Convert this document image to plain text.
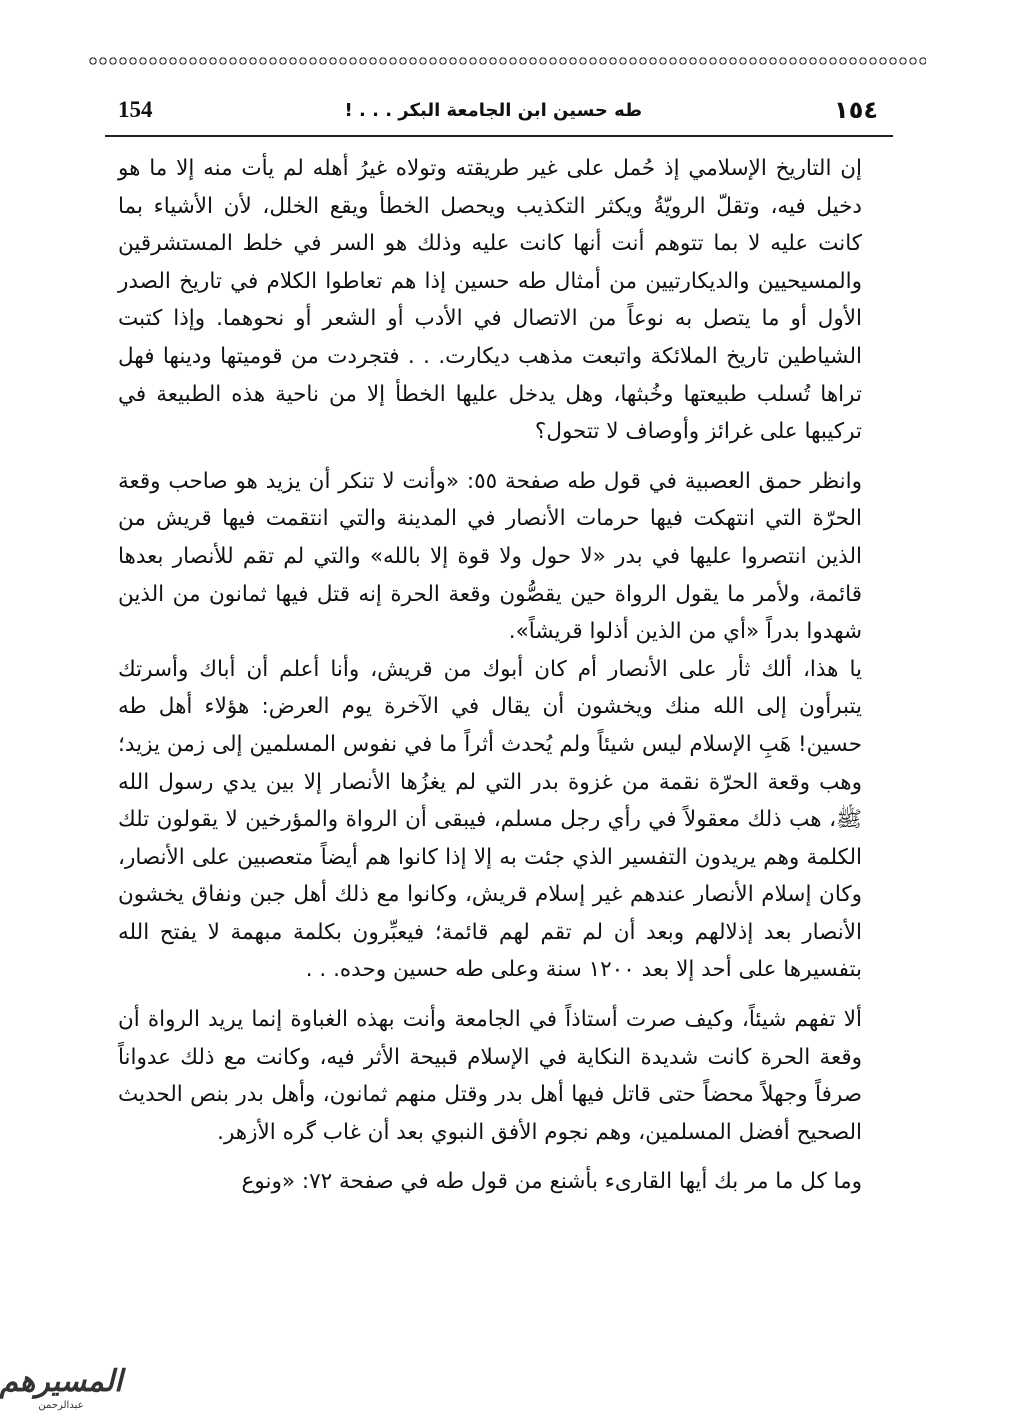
154	طه حسين ابن الجامعة البكر . . . !	١٥٤

إن التاريخ الإسلامي إذ حُمل على غير طريقته وتولاه غيرُ أهله لم يأت منه إلا ما هو دخيل فيه، وتقلّ الرويّةُ ويكثر التكذيب ويحصل الخطأ ويقع الخلل، لأن الأشياء بما كانت عليه لا بما تتوهم أنت أنها كانت عليه وذلك هو السر في خلط المستشرقين والمسيحيين والديكارتيين من أمثال طه حسين إذا هم تعاطوا الكلام في تاريخ الصدر الأول أو ما يتصل به نوعاً من الاتصال في الأدب أو الشعر أو نحوهما. وإذا كتبت الشياطين تاريخ الملائكة واتبعت مذهب ديكارت. . . فتجردت من قوميتها ودينها فهل تراها تُسلب طبيعتها وخُبثها، وهل يدخل عليها الخطأ إلا من ناحية هذه الطبيعة في تركيبها على غرائز وأوصاف لا تتحول؟

وانظر حمق العصبية في قول طه صفحة ٥٥: «وأنت لا تنكر أن يزيد هو صاحب وقعة الحرّة التي انتهكت فيها حرمات الأنصار في المدينة والتي انتقمت فيها قريش من الذين انتصروا عليها في بدر «لا حول ولا قوة إلا بالله» والتي لم تقم للأنصار بعدها قائمة، ولأمر ما يقول الرواة حين يقصُّون وقعة الحرة إنه قتل فيها ثمانون من الذين شهدوا بدراً «أي من الذين أذلوا قريشاً».

يا هذا، ألك ثأر على الأنصار أم كان أبوك من قريش، وأنا أعلم أن أباك وأسرتك يتبرأون إلى الله منك ويخشون أن يقال في الآخرة يوم العرض: هؤلاء أهل طه حسين! هَبِ الإسلام ليس شيئاً ولم يُحدث أثراً ما في نفوس المسلمين إلى زمن يزيد؛ وهب وقعة الحرّة نقمة من غزوة بدر التي لم يغزُها الأنصار إلا بين يدي رسول الله ﷺ، هب ذلك معقولاً في رأي رجل مسلم، فيبقى أن الرواة والمؤرخين لا يقولون تلك الكلمة وهم يريدون التفسير الذي جئت به إلا إذا كانوا هم أيضاً متعصبين على الأنصار، وكان إسلام الأنصار عندهم غير إسلام قريش، وكانوا مع ذلك أهل جبن ونفاق يخشون الأنصار بعد إذلالهم وبعد أن لم تقم لهم قائمة؛ فيعبِّرون بكلمة مبهمة لا يفتح الله بتفسيرها على أحد إلا بعد ١٢٠٠ سنة وعلى طه حسين وحده. . .

ألا تفهم شيئاً، وكيف صرت أستاذاً في الجامعة وأنت بهذه الغباوة إنما يريد الرواة أن وقعة الحرة كانت شديدة النكاية في الإسلام قبيحة الأثر فيه، وكانت مع ذلك عدواناً صرفاً وجهلاً محضاً حتى قاتل فيها أهل بدر وقتل منهم ثمانون، وأهل بدر بنص الحديث الصحيح أفضل المسلمين، وهم نجوم الأفق النبوي بعد أن غاب گره الأزهر.

وما كل ما مر بك أيها القارىء بأشنع من قول طه في صفحة ٧٢: «ونوع

المسيرهم
عبدالرحمن
